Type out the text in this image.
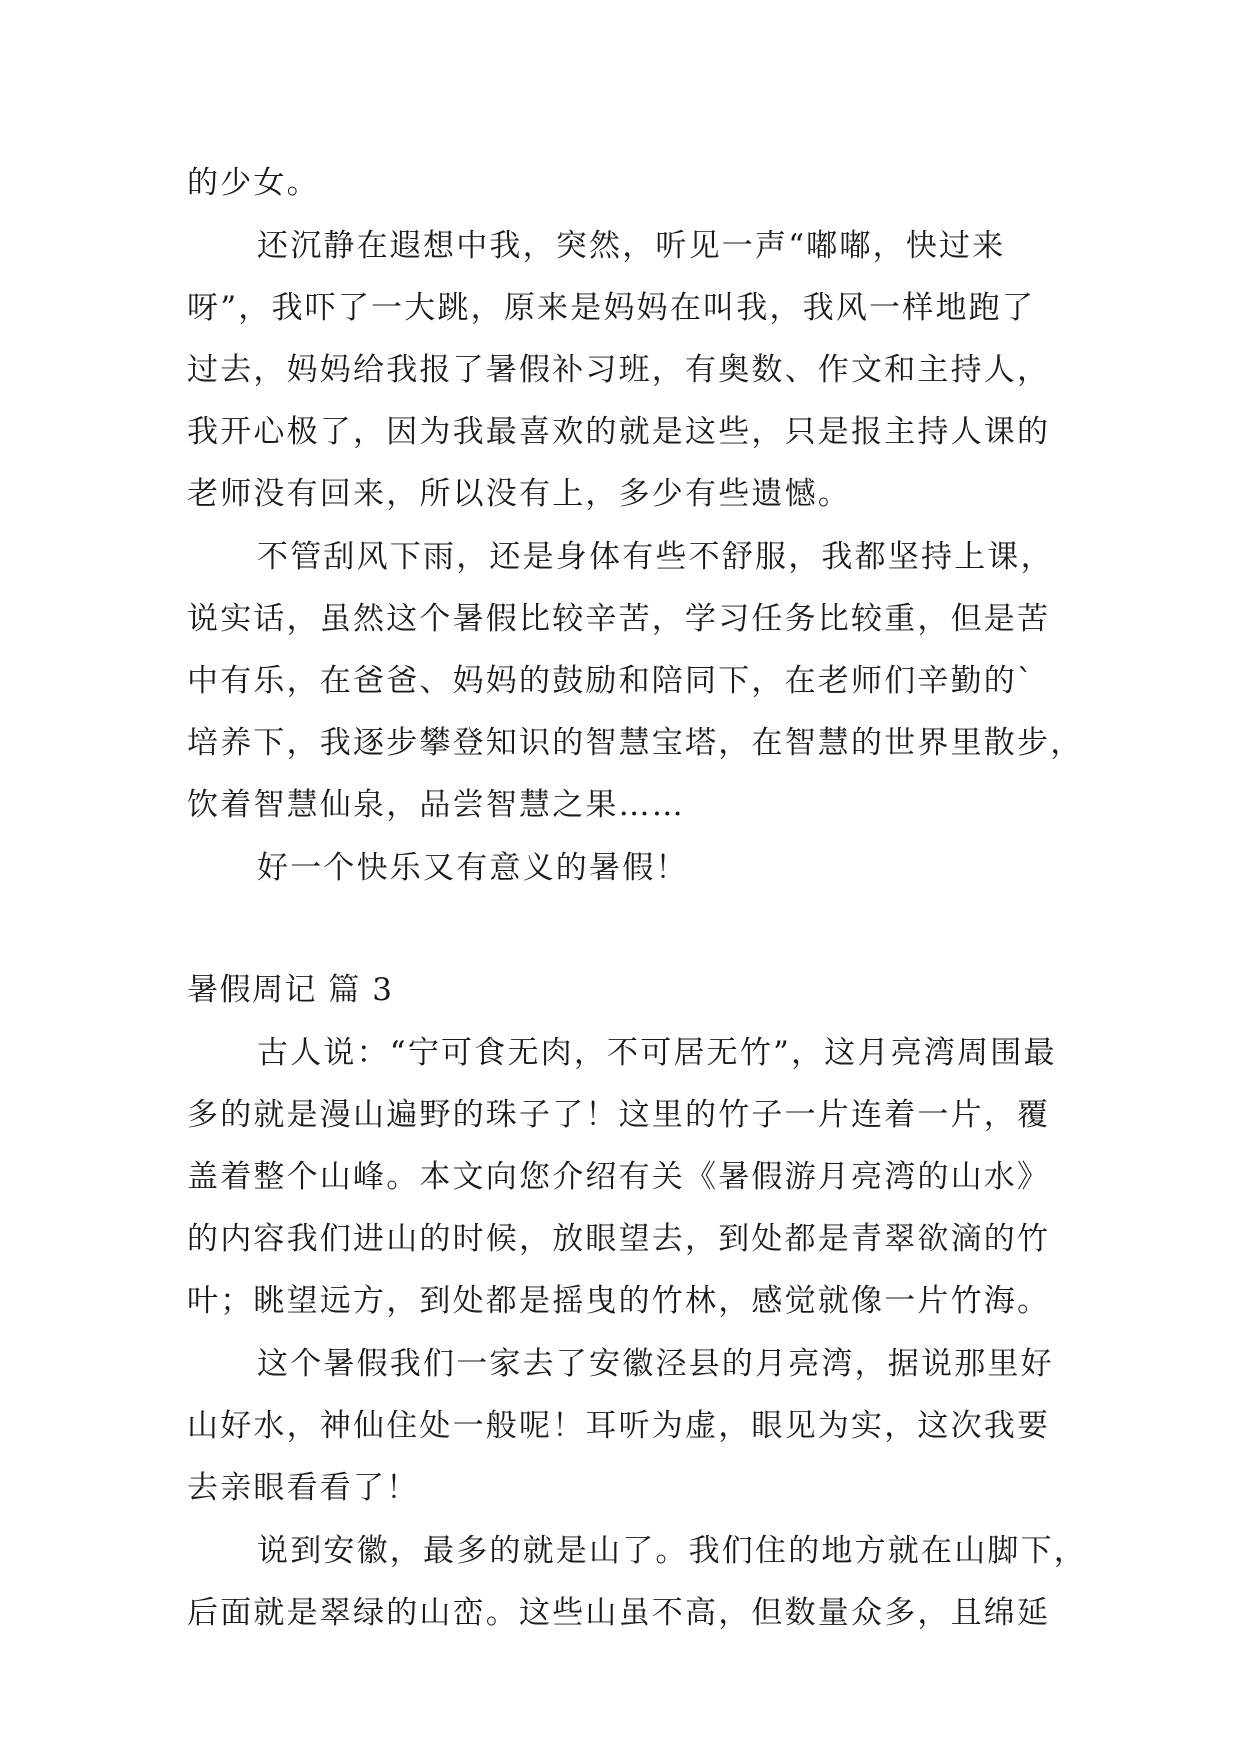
的少女。
还沉静在遐想中我，突然，听见一声“嘟嘟，快过来
呀”，我吓了一大跳，原来是妈妈在叫我，我风一样地跑了
过去，妈妈给我报了暑假补习班，有奥数、作文和主持人，
我开心极了，因为我最喜欢的就是这些，只是报主持人课的
老师没有回来，所以没有上，多少有些遗憾。
不管刮风下雨，还是身体有些不舒服，我都坚持上课，
说实话，虽然这个暑假比较辛苦，学习任务比较重，但是苦
中有乐，在爸爸、妈妈的鼓励和陪同下，在老师们辛勤的`
培养下，我逐步攀登知识的智慧宝塔，在智慧的世界里散步，
饮着智慧仙泉，品尝智慧之果……
好一个快乐又有意义的暑假！
暑假周记 篇 3
古人说：“宁可食无肉，不可居无竹”，这月亮湾周围最
多的就是漫山遍野的珠子了！这里的竹子一片连着一片，覆
盖着整个山峰。本文向您介绍有关《暑假游月亮湾的山水》
的内容我们进山的时候，放眼望去，到处都是青翠欲滴的竹
叶；眺望远方，到处都是摇曳的竹林，感觉就像一片竹海。
这个暑假我们一家去了安徽泾县的月亮湾，据说那里好
山好水，神仙住处一般呢！耳听为虚，眼见为实，这次我要
去亲眼看看了！
说到安徽，最多的就是山了。我们住的地方就在山脚下，
后面就是翠绿的山峦。这些山虽不高，但数量众多，且绵延
